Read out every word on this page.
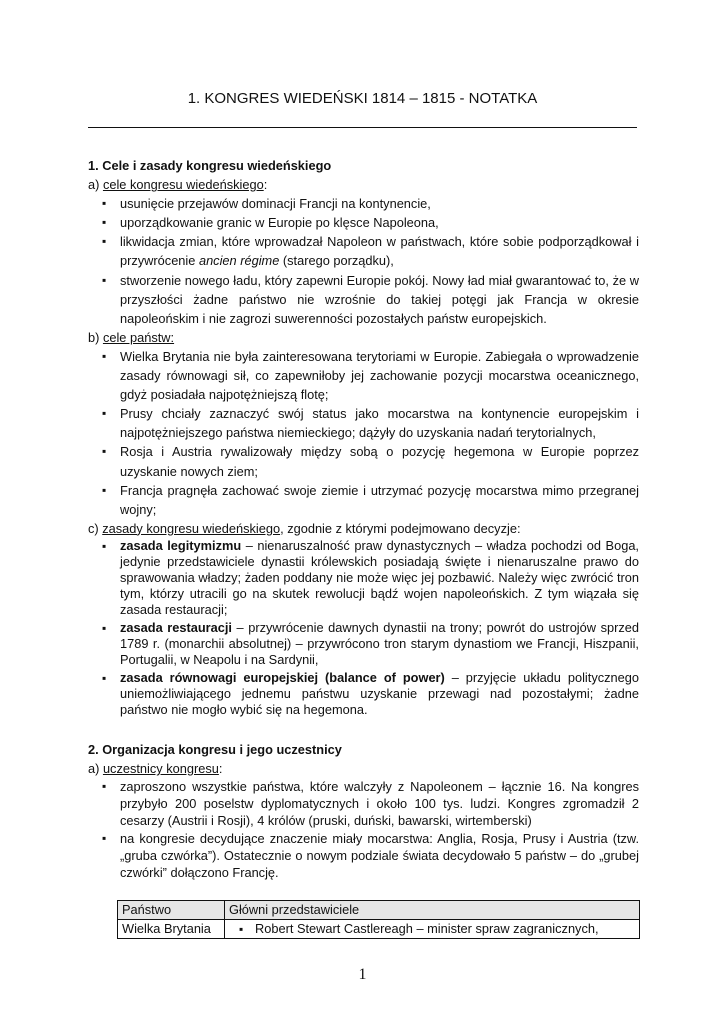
1. KONGRES WIEDEŃSKI 1814 – 1815 - NOTATKA

1. Cele i zasady kongresu wiedeńskiego

a) cele kongresu wiedeńskiego:

▪ usunięcie przejawów dominacji Francji na kontynencie,
▪ uporządkowanie granic w Europie po klęsce Napoleona,
▪ likwidacja zmian, które wprowadzał Napoleon w państwach, które sobie podporządkował i przywrócenie ancien régime (starego porządku),
▪ stworzenie nowego ładu, który zapewni Europie pokój. Nowy ład miał gwarantować to, że w przyszłości żadne państwo nie wzrośnie do takiej potęgi jak Francja w okresie napoleońskim i nie zagrozi suwerenności pozostałych państw europejskich.

b) cele państw:

▪ Wielka Brytania nie była zainteresowana terytoriami w Europie. Zabiegała o wprowadzenie zasady równowagi sił, co zapewniłoby jej zachowanie pozycji mocarstwa oceanicznego, gdyż posiadała najpotężniejszą flotę;
▪ Prusy chciały zaznaczyć swój status jako mocarstwa na kontynencie europejskim i najpotężniejszego państwa niemieckiego; dążyły do uzyskania nadań terytorialnych,
▪ Rosja i Austria rywalizowały między sobą o pozycję hegemona w Europie poprzez uzyskanie nowych ziem;
▪ Francja pragnęła zachować swoje ziemie i utrzymać pozycję mocarstwa mimo przegranej wojny;

c) zasady kongresu wiedeńskiego, zgodnie z którymi podejmowano decyzje:

▪ zasada legitymizmu – nienaruszalność praw dynastycznych – władza pochodzi od Boga, jedynie przedstawiciele dynastii królewskich posiadają święte i nienaruszalne prawo do sprawowania władzy; żaden poddany nie może więc jej pozbawić. Należy więc zwrócić tron tym, którzy utracili go na skutek rewolucji bądź wojen napoleońskich. Z tym wiązała się zasada restauracji;
▪ zasada restauracji – przywrócenie dawnych dynastii na trony; powrót do ustrojów sprzed 1789 r. (monarchii absolutnej) – przywrócono tron starym dynastiom we Francji, Hiszpanii, Portugalii, w Neapolu i na Sardynii,
▪ zasada równowagi europejskiej (balance of power) – przyjęcie układu politycznego uniemożliwiającego jednemu państwu uzyskanie przewagi nad pozostałymi; żadne państwo nie mogło wybić się na hegemona.

2. Organizacja kongresu i jego uczestnicy

a) uczestnicy kongresu:

▪ zaproszono wszystkie państwa, które walczyły z Napoleonem – łącznie 16. Na kongres przybyło 200 poselstw dyplomatycznych i około 100 tys. ludzi. Kongres zgromadził 2 cesarzy (Austrii i Rosji), 4 królów (pruski, duński, bawarski, wirtemberski)
▪ na kongresie decydujące znaczenie miały mocarstwa: Anglia, Rosja, Prusy i Austria (tzw. „gruba czwórka”). Ostatecznie o nowym podziale świata decydowało 5 państw – do „grubej czwórki” dołączono Francję.
Państwo	Główni przedstawiciele
Wielka Brytania	▪ Robert Stewart Castlereagh – minister spraw zagranicznych,
1
